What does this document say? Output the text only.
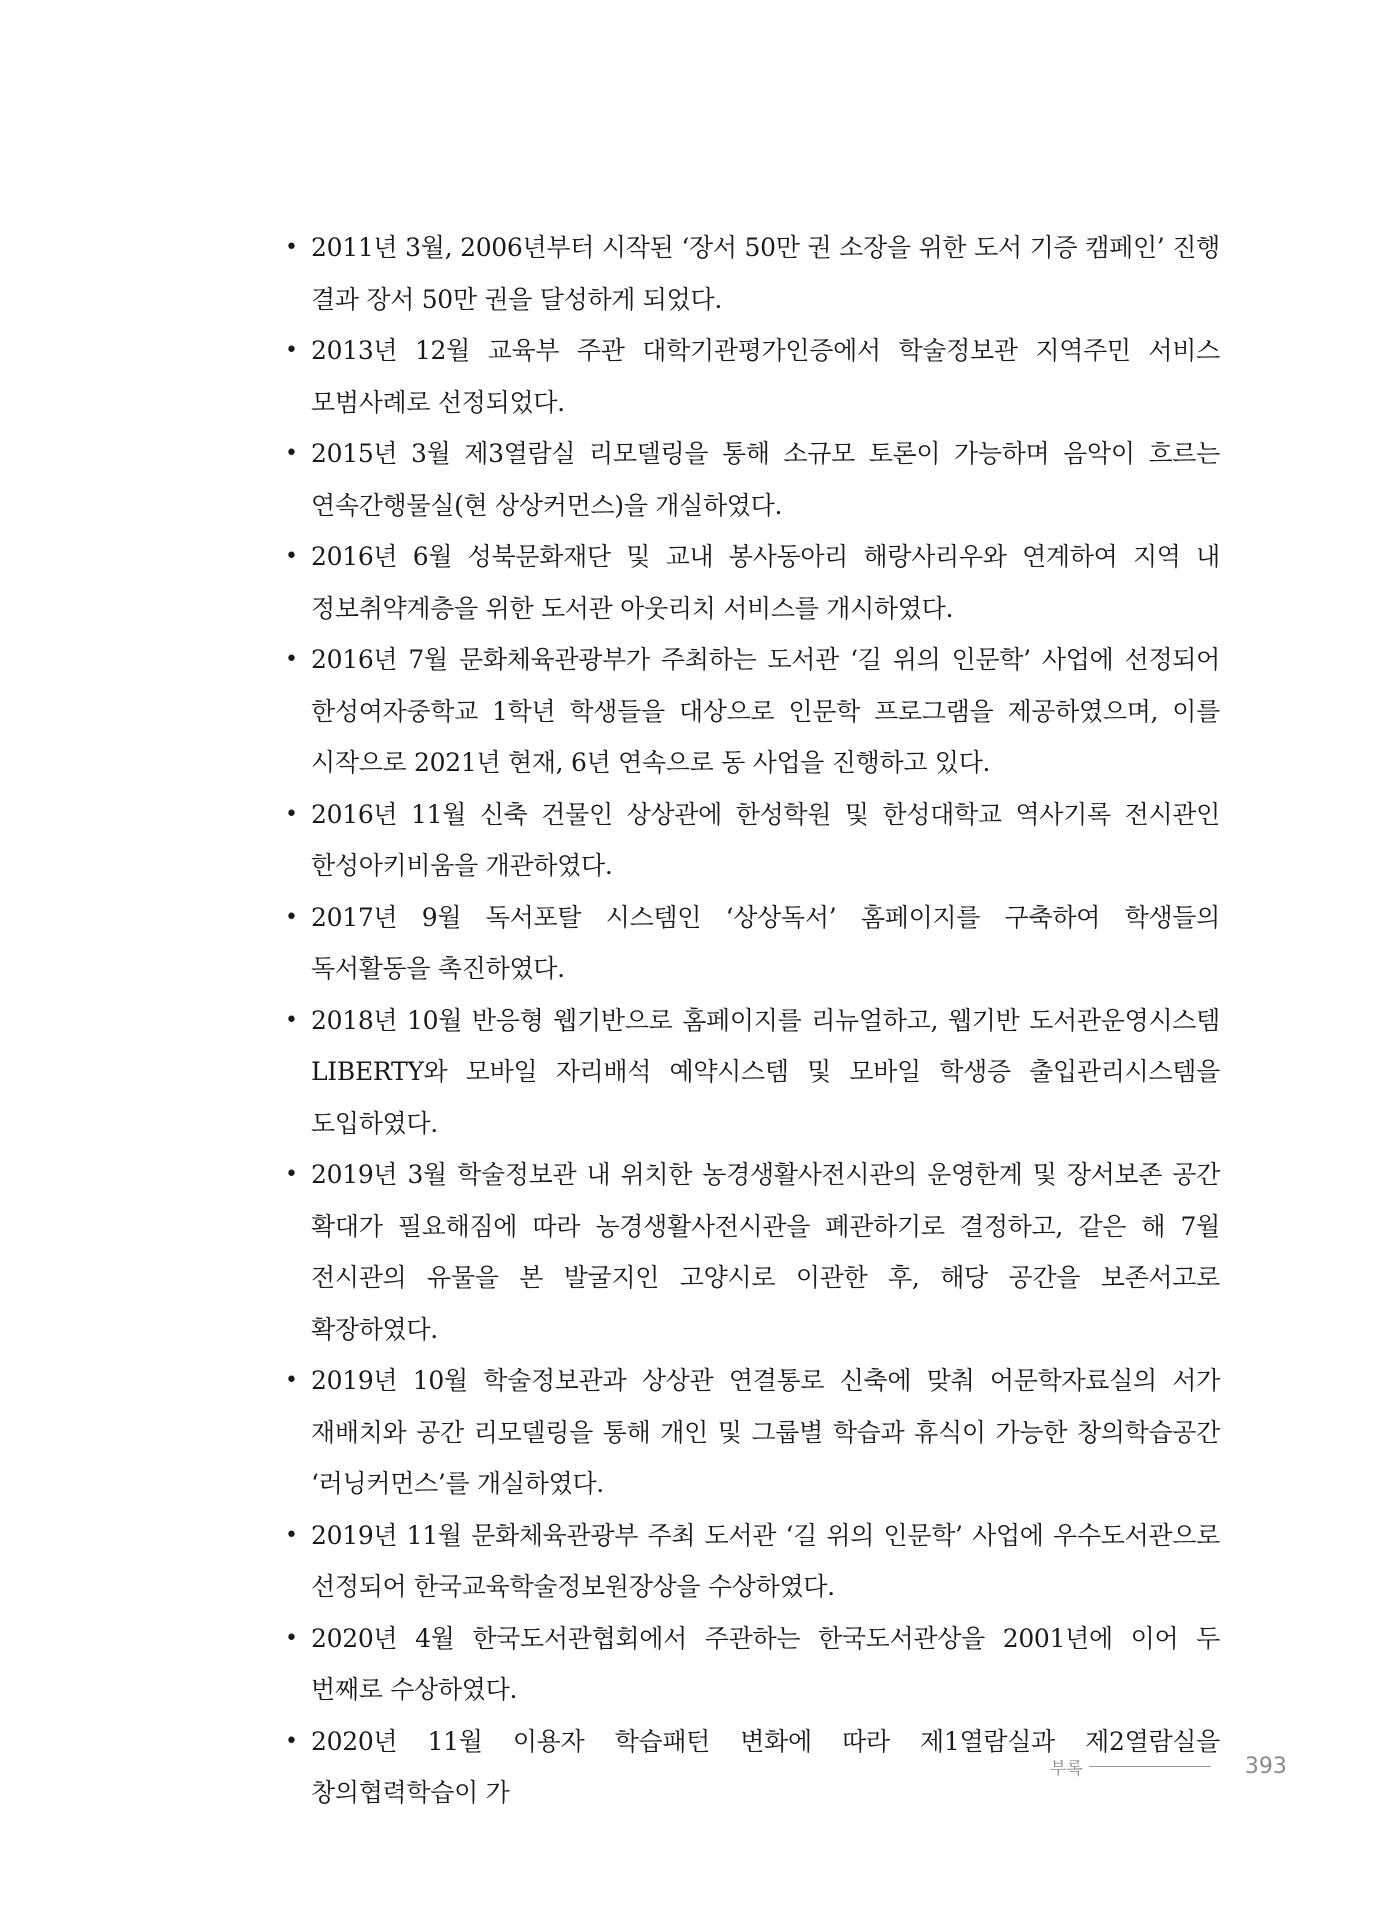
• 2011년 3월, 2006년부터 시작된 ‘장서 50만 권 소장을 위한 도서 기증 캠페인’ 진행 결과 장서 50만 권을 달성하게 되었다.
• 2013년 12월 교육부 주관 대학기관평가인증에서 학술정보관 지역주민 서비스 모범사례로 선정되었다.
• 2015년 3월 제3열람실 리모델링을 통해 소규모 토론이 가능하며 음악이 흐르는 연속간행물실(현 상상커먼스)을 개실하였다.
• 2016년 6월 성북문화재단 및 교내 봉사동아리 해랑사리우와 연계하여 지역 내 정보취약계층을 위한 도서관 아웃리치 서비스를 개시하였다.
• 2016년 7월 문화체육관광부가 주최하는 도서관 ‘길 위의 인문학’ 사업에 선정되어 한성여자중학교 1학년 학생들을 대상으로 인문학 프로그램을 제공하였으며, 이를 시작으로 2021년 현재, 6년 연속으로 동 사업을 진행하고 있다.
• 2016년 11월 신축 건물인 상상관에 한성학원 및 한성대학교 역사기록 전시관인 한성아키비움을 개관하였다.
• 2017년 9월 독서포탈 시스템인 ‘상상독서’ 홈페이지를 구축하여 학생들의 독서활동을 촉진하였다.
• 2018년 10월 반응형 웹기반으로 홈페이지를 리뉴얼하고, 웹기반 도서관운영시스템 LIBERTY와 모바일 자리배석 예약시스템 및 모바일 학생증 출입관리시스템을 도입하였다.
• 2019년 3월 학술정보관 내 위치한 농경생활사전시관의 운영한계 및 장서보존 공간 확대가 필요해짐에 따라 농경생활사전시관을 폐관하기로 결정하고, 같은 해 7월 전시관의 유물을 본 발굴지인 고양시로 이관한 후, 해당 공간을 보존서고로 확장하였다.
• 2019년 10월 학술정보관과 상상관 연결통로 신축에 맞춰 어문학자료실의 서가 재배치와 공간 리모델링을 통해 개인 및 그룹별 학습과 휴식이 가능한 창의학습공간 ‘러닝커먼스’를 개실하였다.
• 2019년 11월 문화체육관광부 주최 도서관 ‘길 위의 인문학’ 사업에 우수도서관으로 선정되어 한국교육학술정보원장상을 수상하였다.
• 2020년 4월 한국도서관협회에서 주관하는 한국도서관상을 2001년에 이어 두 번째로 수상하였다.
• 2020년 11월 이용자 학습패턴 변화에 따라 제1열람실과 제2열람실을 창의협력학습이 가
부록	393
